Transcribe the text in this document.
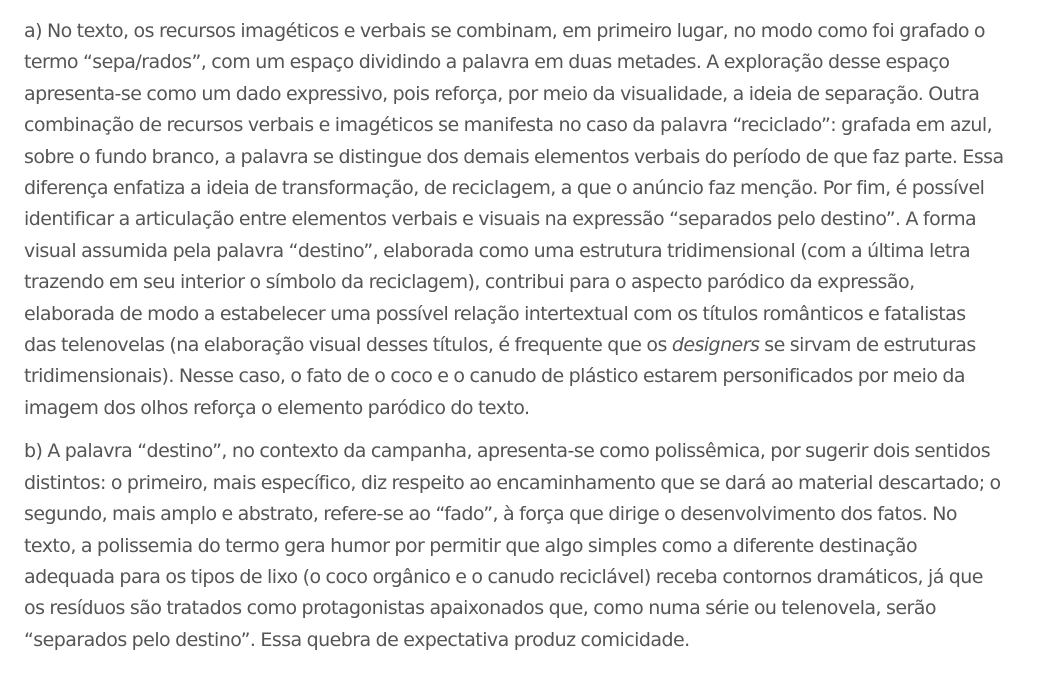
a) No texto, os recursos imagéticos e verbais se combinam, em primeiro lugar, no modo como foi grafado o
termo “sepa/rados”, com um espaço dividindo a palavra em duas metades. A exploração desse espaço
apresenta-se como um dado expressivo, pois reforça, por meio da visualidade, a ideia de separação. Outra
combinação de recursos verbais e imagéticos se manifesta no caso da palavra “reciclado”: grafada em azul,
sobre o fundo branco, a palavra se distingue dos demais elementos verbais do período de que faz parte. Essa
diferença enfatiza a ideia de transformação, de reciclagem, a que o anúncio faz menção. Por fim, é possível
identificar a articulação entre elementos verbais e visuais na expressão “separados pelo destino”. A forma
visual assumida pela palavra “destino”, elaborada como uma estrutura tridimensional (com a última letra
trazendo em seu interior o símbolo da reciclagem), contribui para o aspecto paródico da expressão,
elaborada de modo a estabelecer uma possível relação intertextual com os títulos românticos e fatalistas
das telenovelas (na elaboração visual desses títulos, é frequente que os designers se sirvam de estruturas
tridimensionais). Nesse caso, o fato de o coco e o canudo de plástico estarem personificados por meio da
imagem dos olhos reforça o elemento paródico do texto.

b) A palavra “destino”, no contexto da campanha, apresenta-se como polissêmica, por sugerir dois sentidos
distintos: o primeiro, mais específico, diz respeito ao encaminhamento que se dará ao material descartado; o
segundo, mais amplo e abstrato, refere-se ao “fado”, à força que dirige o desenvolvimento dos fatos. No
texto, a polissemia do termo gera humor por permitir que algo simples como a diferente destinação
adequada para os tipos de lixo (o coco orgânico e o canudo reciclável) receba contornos dramáticos, já que
os resíduos são tratados como protagonistas apaixonados que, como numa série ou telenovela, serão
“separados pelo destino”. Essa quebra de expectativa produz comicidade.
